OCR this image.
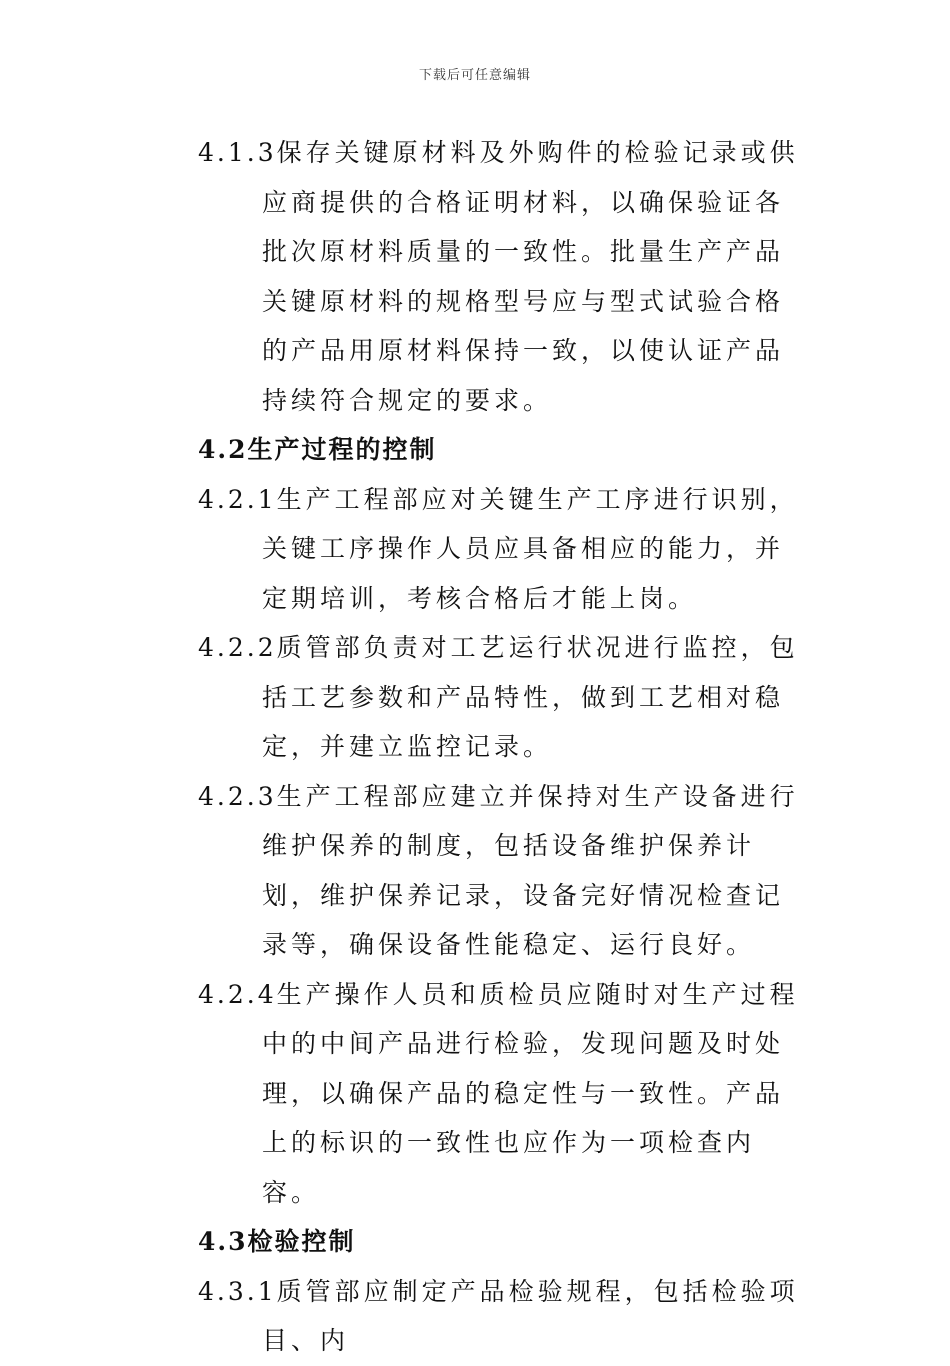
下载后可任意编辑

4.1.3保存关键原材料及外购件的检验记录或供应商提供的合格证明材料，以确保验证各批次原材料质量的一致性。批量生产产品关键原材料的规格型号应与型式试验合格的产品用原材料保持一致，以使认证产品持续符合规定的要求。

4.2生产过程的控制

4.2.1生产工程部应对关键生产工序进行识别，关键工序操作人员应具备相应的能力，并定期培训，考核合格后才能上岗。

4.2.2质管部负责对工艺运行状况进行监控，包括工艺参数和产品特性，做到工艺相对稳定，并建立监控记录。

4.2.3生产工程部应建立并保持对生产设备进行维护保养的制度，包括设备维护保养计划，维护保养记录，设备完好情况检查记录等，确保设备性能稳定、运行良好。

4.2.4生产操作人员和质检员应随时对生产过程中的中间产品进行检验，发现问题及时处理，以确保产品的稳定性与一致性。产品上的标识的一致性也应作为一项检查内容。

4.3检验控制

4.3.1质管部应制定产品检验规程，包括检验项目、内
